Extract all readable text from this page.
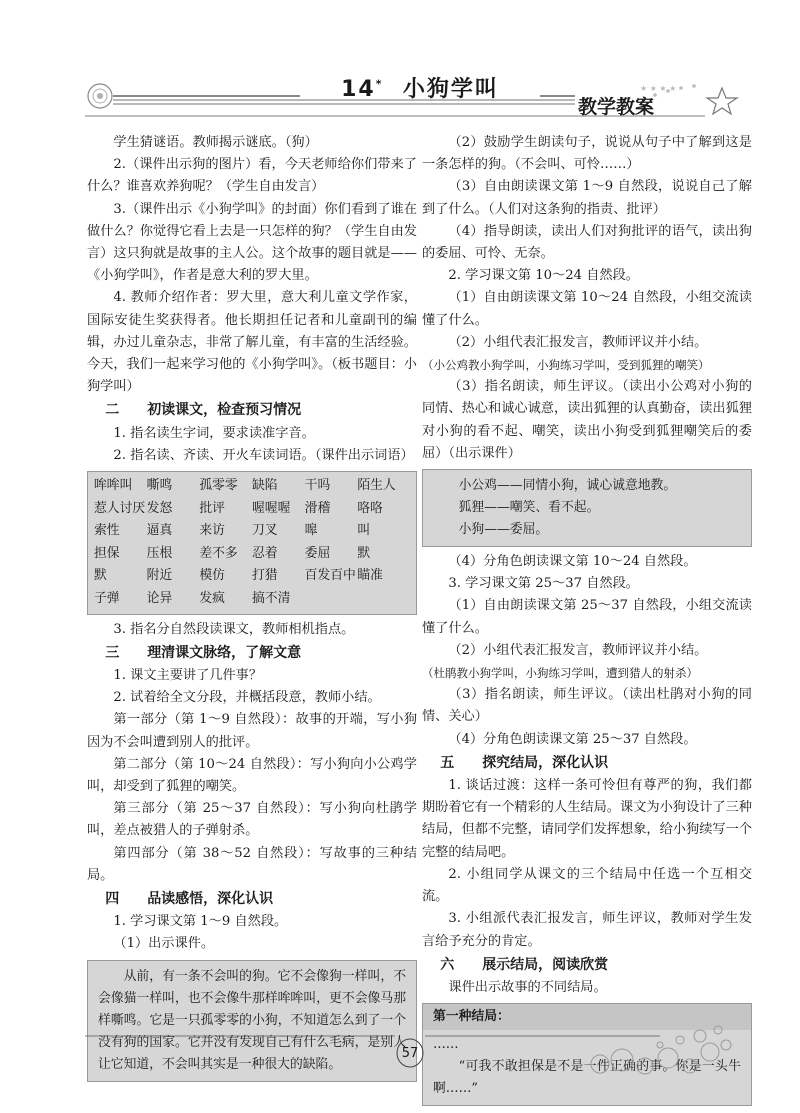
14* 小狗学叫
教学教案
★ ★ ★ ★

学生猜谜语。教师揭示谜底。（狗）

2.（课件出示狗的图片）看，今天老师给你们带来了什么？谁喜欢养狗呢？（学生自由发言）

3.（课件出示《小狗学叫》的封面）你们看到了谁在做什么？你觉得它看上去是一只怎样的狗？（学生自由发言）这只狗就是故事的主人公。这个故事的题目就是——《小狗学叫》，作者是意大利的罗大里。

4. 教师介绍作者：罗大里，意大利儿童文学作家，国际安徒生奖获得者。他长期担任记者和儿童副刊的编辑，办过儿童杂志，非常了解儿童，有丰富的生活经验。今天，我们一起来学习他的《小狗学叫》。（板书题目：小狗学叫）

二 初读课文，检查预习情况

1. 指名读生字词，要求读准字音。

2. 指名读、齐读、开火车读词语。（课件出示词语）

哞哞叫	嘶鸣	孤零零	缺陷	干吗	陌生人
惹人讨厌 发怒	批评	喔喔喔	滑稽	咯咯
索性	逼真	来访	刀叉	嗥	叫
担保	压根	差不多	忍着	委屈	默
默	附近	模仿	打猎	百发百中 瞄准
子弹	论异	发疯	搞不清

3. 指名分自然段读课文，教师相机指点。

三 理清课文脉络，了解文意

1. 课文主要讲了几件事？

2. 试着给全文分段，并概括段意，教师小结。

第一部分（第 1～9 自然段）：故事的开端，写小狗因为不会叫遭到别人的批评。

第二部分（第 10～24 自然段）：写小狗向小公鸡学叫，却受到了狐狸的嘲笑。

第三部分（第 25～37 自然段）：写小狗向杜鹃学叫，差点被猎人的子弹射杀。

第四部分（第 38～52 自然段）：写故事的三种结局。

四 品读感悟，深化认识

1. 学习课文第 1～9 自然段。

（1）出示课件。

从前，有一条不会叫的狗。它不会像狗一样叫，不会像猫一样叫，也不会像牛那样哞哞叫，更不会像马那样嘶鸣。它是一只孤零零的小狗，不知道怎么到了一个没有狗的国家。它并没有发现自己有什么毛病，是别人让它知道，不会叫其实是一种很大的缺陷。

（2）鼓励学生朗读句子，说说从句子中了解到这是一条怎样的狗。（不会叫、可怜……）

（3）自由朗读课文第 1～9 自然段，说说自己了解到了什么。（人们对这条狗的指责、批评）

（4）指导朗读，读出人们对狗批评的语气，读出狗的委屈、可怜、无奈。

2. 学习课文第 10～24 自然段。

（1）自由朗读课文第 10～24 自然段，小组交流读懂了什么。

（2）小组代表汇报发言，教师评议并小结。

（小公鸡教小狗学叫，小狗练习学叫，受到狐狸的嘲笑）

（3）指名朗读，师生评议。（读出小公鸡对小狗的同情、热心和诚心诚意，读出狐狸的认真勤奋，读出狐狸对小狗的看不起、嘲笑，读出小狗受到狐狸嘲笑后的委屈）（出示课件）

小公鸡——同情小狗，诚心诚意地教。

狐狸——嘲笑、看不起。

小狗——委屈。

（4）分角色朗读课文第 10～24 自然段。

3. 学习课文第 25～37 自然段。

（1）自由朗读课文第 25～37 自然段，小组交流读懂了什么。

（2）小组代表汇报发言，教师评议并小结。

（杜鹃教小狗学叫，小狗练习学叫，遭到猎人的射杀）

（3）指名朗读，师生评议。（读出杜鹃对小狗的同情、关心）

（4）分角色朗读课文第 25～37 自然段。

五 探究结局，深化认识

1. 谈话过渡：这样一条可怜但有尊严的狗，我们都期盼着它有一个精彩的人生结局。课文为小狗设计了三种结局，但都不完整，请同学们发挥想象，给小狗续写一个完整的结局吧。

2. 小组同学从课文的三个结局中任选一个互相交流。

3. 小组派代表汇报发言，师生评议，教师对学生发言给予充分的肯定。

六 展示结局，阅读欣赏

课件出示故事的不同结局。

第一种结局：

……

“可我不敢担保是不是一件正确的事。你是一头牛啊……”

57
